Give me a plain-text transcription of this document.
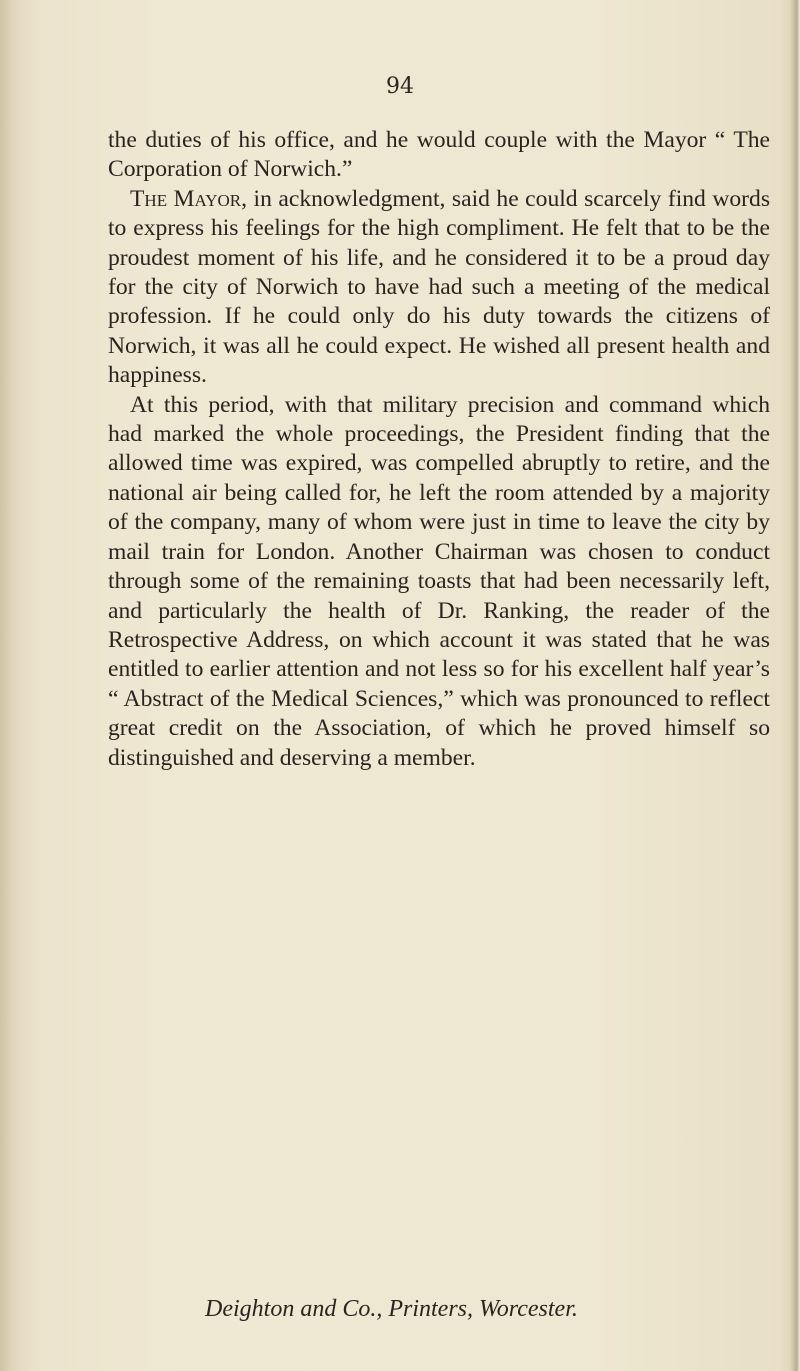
94

the duties of his office, and he would couple with the Mayor “ The Corporation of Norwich.”

The Mayor, in acknowledgment, said he could scarcely find words to express his feelings for the high compliment. He felt that to be the proudest moment of his life, and he considered it to be a proud day for the city of Norwich to have had such a meeting of the medical profession. If he could only do his duty towards the citizens of Norwich, it was all he could expect. He wished all present health and happiness.

At this period, with that military precision and command which had marked the whole proceedings, the President finding that the allowed time was expired, was compelled abruptly to retire, and the national air being called for, he left the room attended by a majority of the company, many of whom were just in time to leave the city by mail train for London. Another Chairman was chosen to conduct through some of the remaining toasts that had been necessarily left, and particularly the health of Dr. Ranking, the reader of the Retrospective Address, on which account it was stated that he was entitled to earlier attention and not less so for his excellent half year’s “ Abstract of the Medical Sciences,” which was pronounced to reflect great credit on the Association, of which he proved himself so distinguished and deserving a member.

Deighton and Co., Printers, Worcester.
